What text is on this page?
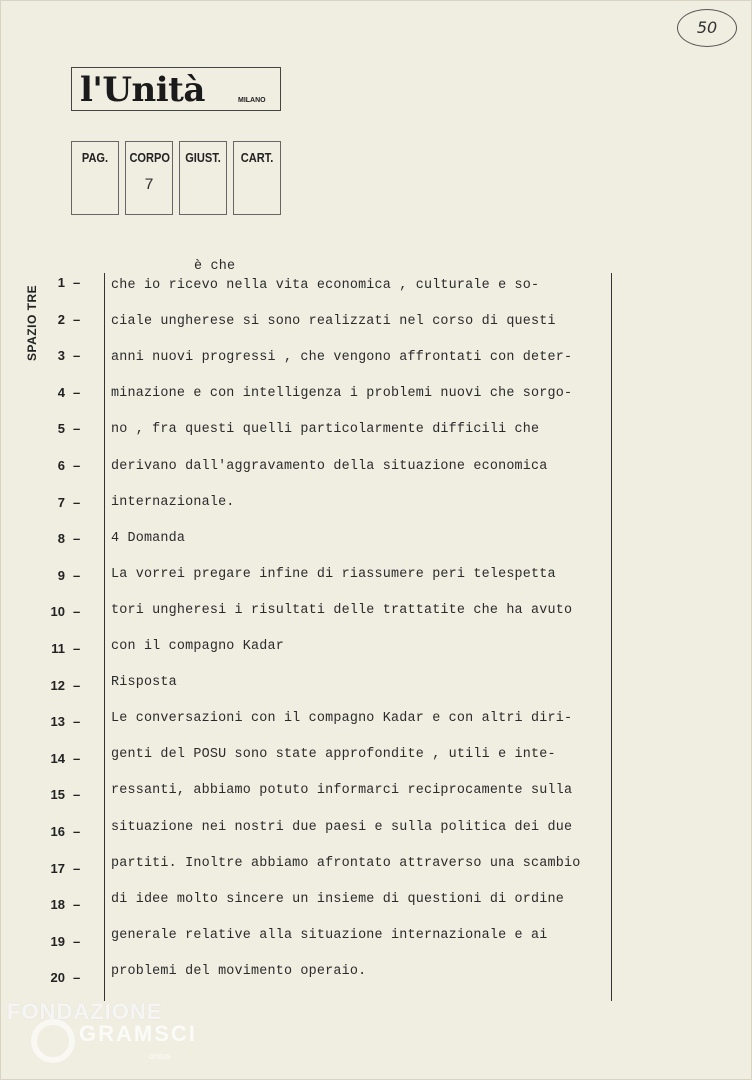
50
l'Unità	MILANO
PAG.	CORPO
7
GIUST. CART.
SPAZIO TRE
è che
1 –
2 –
3 –
4 –
5 –
6 –
7 –
8 –
9 –
10 –
11 –
12 –
13 –
14 –
15 –
16 –
17 –
18 –
19 –
20 –
che io ricevo nella vita economica , culturale e so-
ciale ungherese si sono realizzati nel corso di questi
anni nuovi progressi , che vengono affrontati con deter-
minazione e con intelligenza i problemi nuovi che sorgo-
no , fra questi quelli particolarmente difficili che
derivano dall'aggravamento della situazione economica
internazionale.
4 Domanda
La vorrei pregare infine di riassumere peri telespetta
tori ungheresi i risultati delle trattatite che ha avuto
con il compagno Kadar
Risposta
Le conversazioni con il compagno Kadar e con altri diri-
genti del POSU sono state approfondite , utili e inte-
ressanti, abbiamo potuto informarci reciprocamente sulla
situazione nei nostri due paesi e sulla politica dei due
partiti. Inoltre abbiamo afrontato attraverso una scambio
di idee molto sincere un insieme di questioni di ordine
generale relative alla situazione internazionale e ai
problemi del movimento operaio.
FONDAZIONE
GRAMSCI
onlus
